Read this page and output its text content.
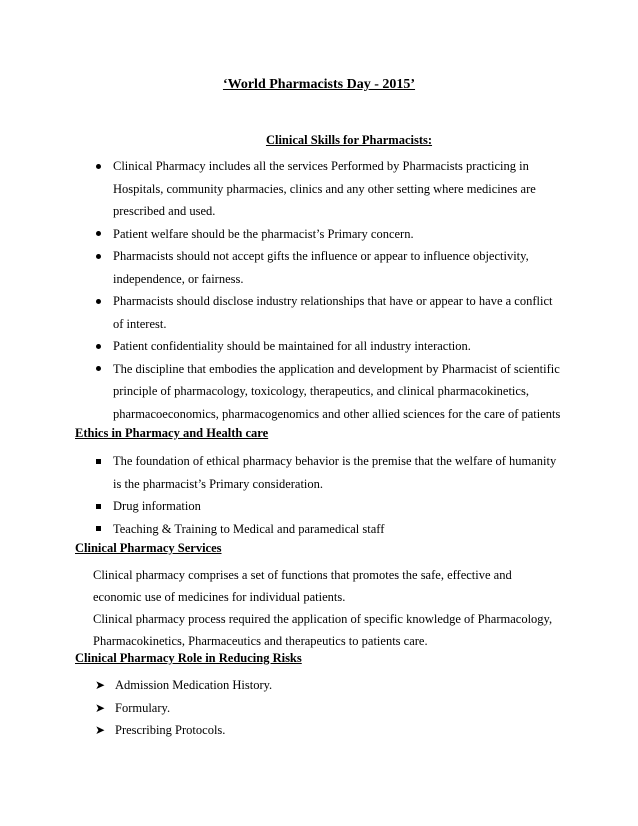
‘World Pharmacists Day - 2015’
Clinical Skills for Pharmacists:
Clinical Pharmacy includes all the services Performed by Pharmacists practicing in
Hospitals, community pharmacies, clinics and any other setting where medicines are
prescribed and used.
Patient welfare should be the pharmacist’s Primary concern.
Pharmacists should not accept gifts the influence or appear to influence objectivity,
independence, or fairness.
Pharmacists should disclose industry relationships that have or appear to have a conflict
of interest.
Patient confidentiality should be maintained for all industry interaction.
The discipline that embodies the application and development by Pharmacist of scientific
principle of pharmacology, toxicology, therapeutics, and clinical pharmacokinetics,
pharmacoeconomics, pharmacogenomics and other allied sciences for the care of patients
Ethics in Pharmacy and Health care
The foundation of ethical pharmacy behavior is the premise that the welfare of humanity
is the pharmacist’s Primary consideration.
Drug information
Teaching & Training to Medical and paramedical staff
Clinical Pharmacy Services
Clinical pharmacy comprises a set of functions that promotes the safe, effective and
economic use of medicines for individual patients.
Clinical pharmacy process required the application of specific knowledge of Pharmacology,
Pharmacokinetics, Pharmaceutics and therapeutics to patients care.
Clinical Pharmacy Role in Reducing Risks
➤ Admission Medication History.
➤ Formulary.
➤ Prescribing Protocols.
